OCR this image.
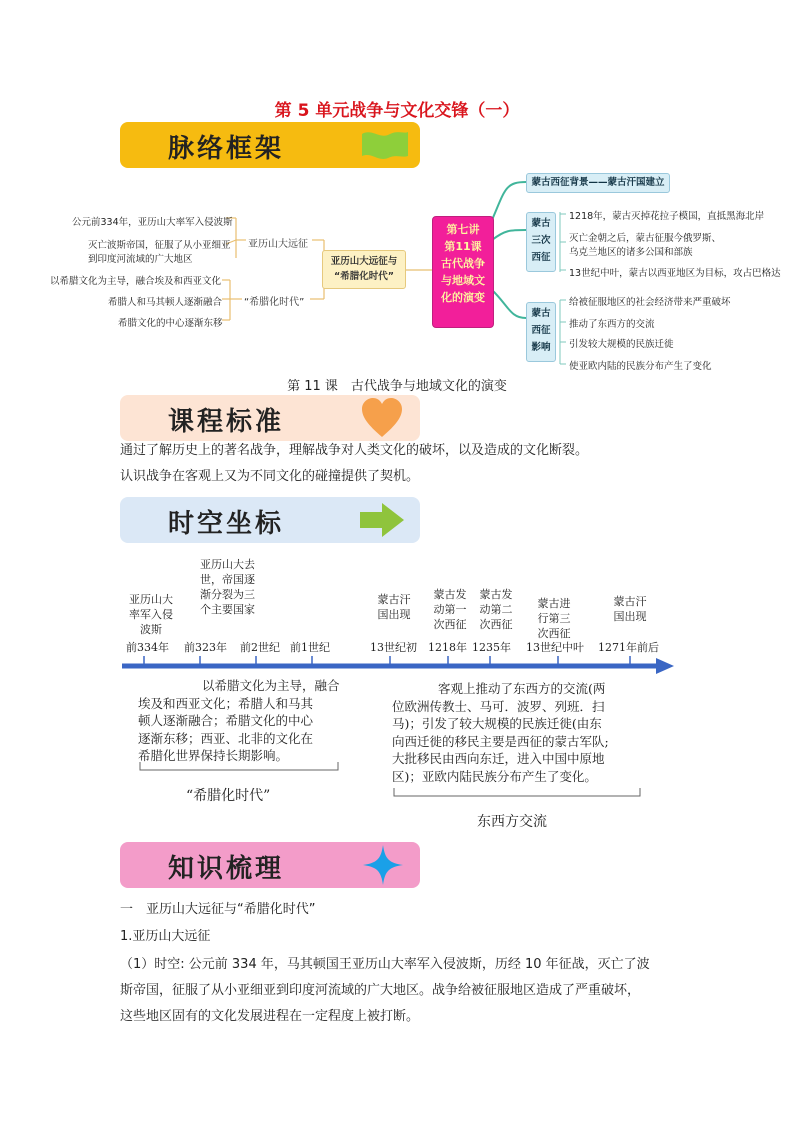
第 5 单元战争与文化交锋（一）
脉络框架
公元前334年，亚历山大率军入侵波斯
灭亡波斯帝国，征服了从小亚细亚
到印度河流域的广大地区
亚历山大远征
亚历山大远征与
“希腊化时代”
以希腊文化为主导，融合埃及和西亚文化
“希腊化时代”
希腊人和马其顿人逐渐融合
希腊文化的中心逐渐东移
第七讲
第11课
古代战争
与地域文
化的演变
蒙古西征背景——蒙古汗国建立
蒙古
三次
西征
1218年，蒙古灭掉花拉子模国，直抵黑海北岸
灭亡金朝之后，蒙古征服今俄罗斯、
乌克兰地区的诸多公国和部族
13世纪中叶，蒙古以西亚地区为目标，攻占巴格达
蒙古
西征
影响
给被征服地区的社会经济带来严重破坏
推动了东西方的交流
引发较大规模的民族迁徙
使亚欧内陆的民族分布产生了变化
第 11 课　古代战争与地域文化的演变
课程标准
通过了解历史上的著名战争，理解战争对人类文化的破坏，以及造成的文化断裂。
认识战争在客观上又为不同文化的碰撞提供了契机。
时空坐标
亚历山大
率军入侵
波斯
亚历山大去
世，帝国逐
渐分裂为三
个主要国家
蒙古汗
国出现
蒙古发
动第一
次西征
蒙古发
动第二
次西征
蒙古进
行第三
次西征
蒙古汗
国出现
前334年 前323年 前2世纪 前1世纪	13世纪初 1218年 1235年 13世纪中叶 1271年前后
以希腊文化为主导，融合
埃及和西亚文化；希腊人和马其
顿人逐渐融合；希腊文化的中心
逐渐东移；西亚、北非的文化在
希腊化世界保持长期影响。
客观上推动了东西方的交流(两
位欧洲传教士、马可．波罗、列班．扫
马)；引发了较大规模的民族迁徙(由东
向西迁徙的移民主要是西征的蒙古军队;
大批移民由西向东迁，进入中国中原地
区)；亚欧内陆民族分布产生了变化。
“希腊化时代”
东西方交流
知识梳理
一　亚历山大远征与“希腊化时代”
1.亚历山大远征
（1）时空: 公元前 334 年，马其顿国王亚历山大率军入侵波斯，历经 10 年征战，灭亡了波
斯帝国，征服了从小亚细亚到印度河流域的广大地区。战争给被征服地区造成了严重破坏，
这些地区固有的文化发展进程在一定程度上被打断。
